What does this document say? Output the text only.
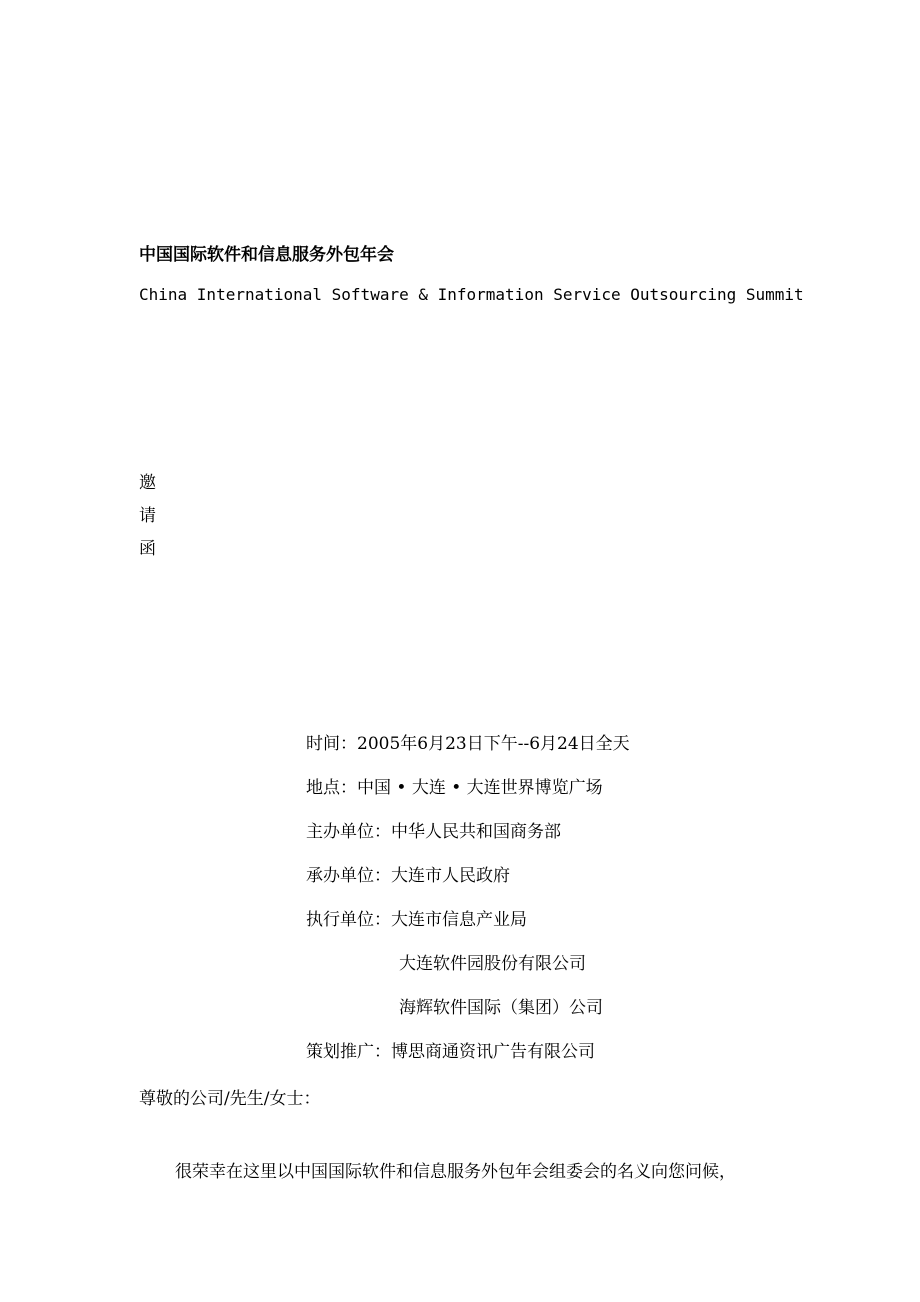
中国国际软件和信息服务外包年会
China International Software & Information Service Outsourcing Summit
邀
请
函
时间：2005年6月23日下午--6月24日全天
地点：中国 • 大连 • 大连世界博览广场
主办单位：中华人民共和国商务部
承办单位：大连市人民政府
执行单位：大连市信息产业局
大连软件园股份有限公司
海辉软件国际（集团）公司
策划推广：博思商通资讯广告有限公司
尊敬的公司/先生/女士：
很荣幸在这里以中国国际软件和信息服务外包年会组委会的名义向您问候，
